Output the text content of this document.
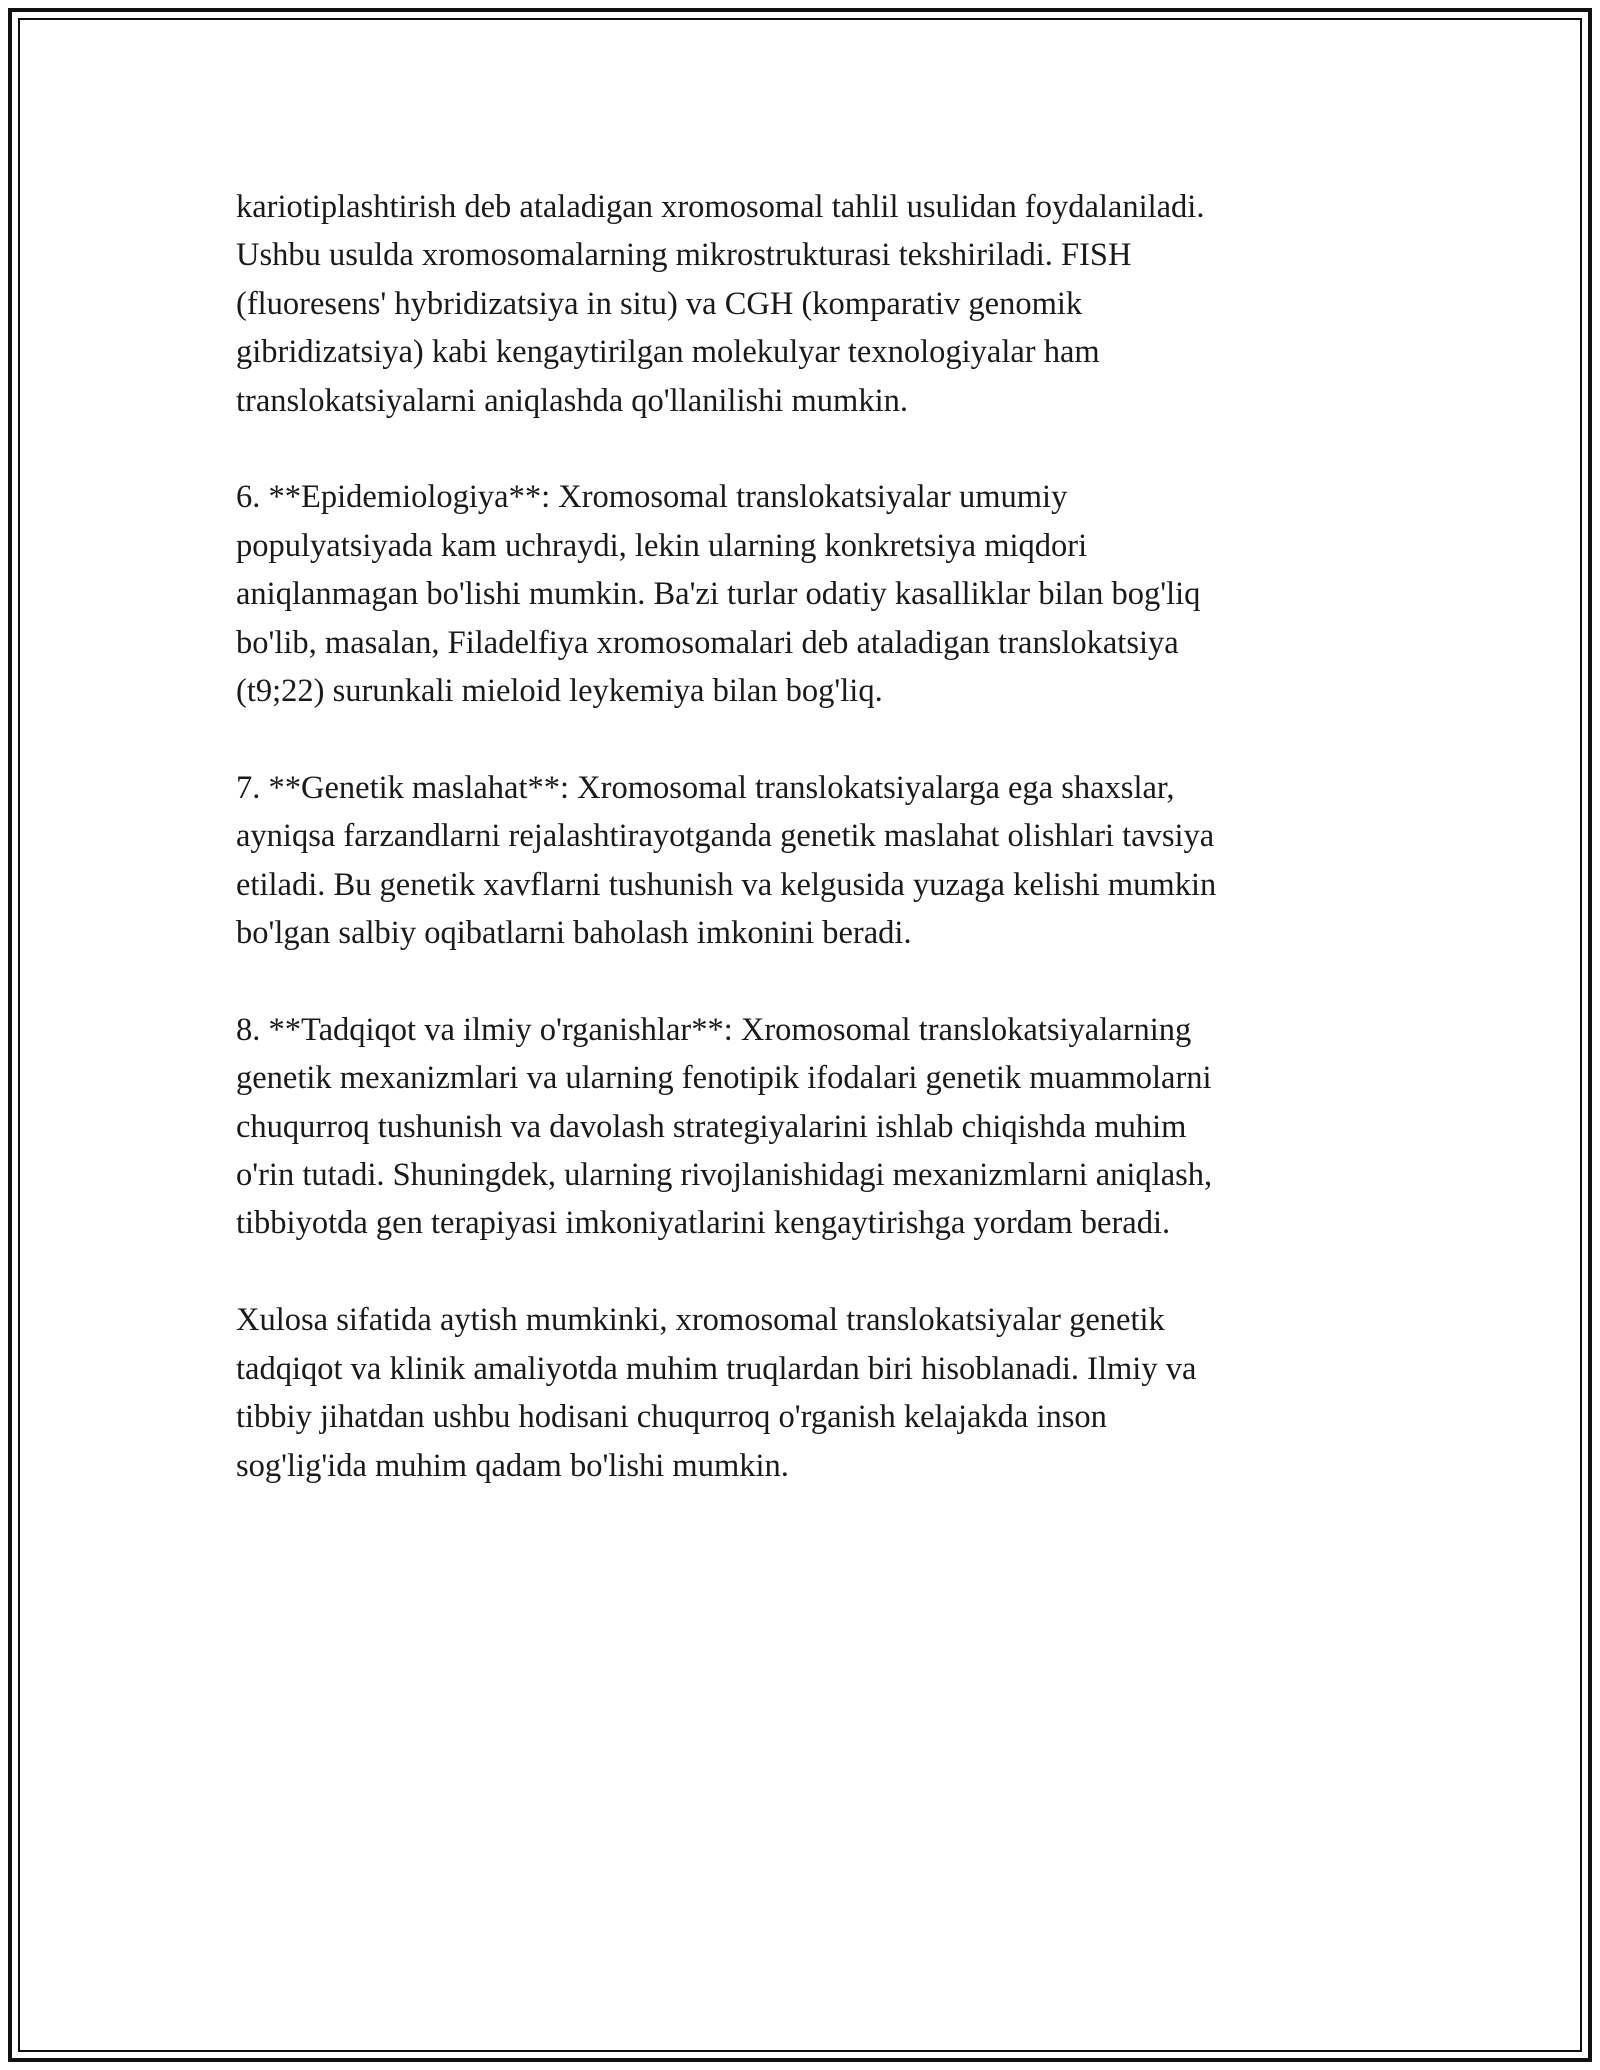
kariotiplashtirish deb ataladigan xromosomal tahlil usulidan foydalaniladi.
Ushbu usulda xromosomalarning mikrostrukturasi tekshiriladi. FISH
(fluoresens' hybridizatsiya in situ) va CGH (komparativ genomik
gibridizatsiya) kabi kengaytirilgan molekulyar texnologiyalar ham
translokatsiyalarni aniqlashda qo'llanilishi mumkin.

6. **Epidemiologiya**: Xromosomal translokatsiyalar umumiy
populyatsiyada kam uchraydi, lekin ularning konkretsiya miqdori
aniqlanmagan bo'lishi mumkin. Ba'zi turlar odatiy kasalliklar bilan bog'liq
bo'lib, masalan, Filadelfiya xromosomalari deb ataladigan translokatsiya
(t9;22) surunkali mieloid leykemiya bilan bog'liq.

7. **Genetik maslahat**: Xromosomal translokatsiyalarga ega shaxslar,
ayniqsa farzandlarni rejalashtirayotganda genetik maslahat olishlari tavsiya
etiladi. Bu genetik xavflarni tushunish va kelgusida yuzaga kelishi mumkin
bo'lgan salbiy oqibatlarni baholash imkonini beradi.

8. **Tadqiqot va ilmiy o'rganishlar**: Xromosomal translokatsiyalarning
genetik mexanizmlari va ularning fenotipik ifodalari genetik muammolarni
chuqurroq tushunish va davolash strategiyalarini ishlab chiqishda muhim
o'rin tutadi. Shuningdek, ularning rivojlanishidagi mexanizmlarni aniqlash,
tibbiyotda gen terapiyasi imkoniyatlarini kengaytirishga yordam beradi.

Xulosa sifatida aytish mumkinki, xromosomal translokatsiyalar genetik
tadqiqot va klinik amaliyotda muhim truqlardan biri hisoblanadi. Ilmiy va
tibbiy jihatdan ushbu hodisani chuqurroq o'rganish kelajakda inson
sog'lig'ida muhim qadam bo'lishi mumkin.
